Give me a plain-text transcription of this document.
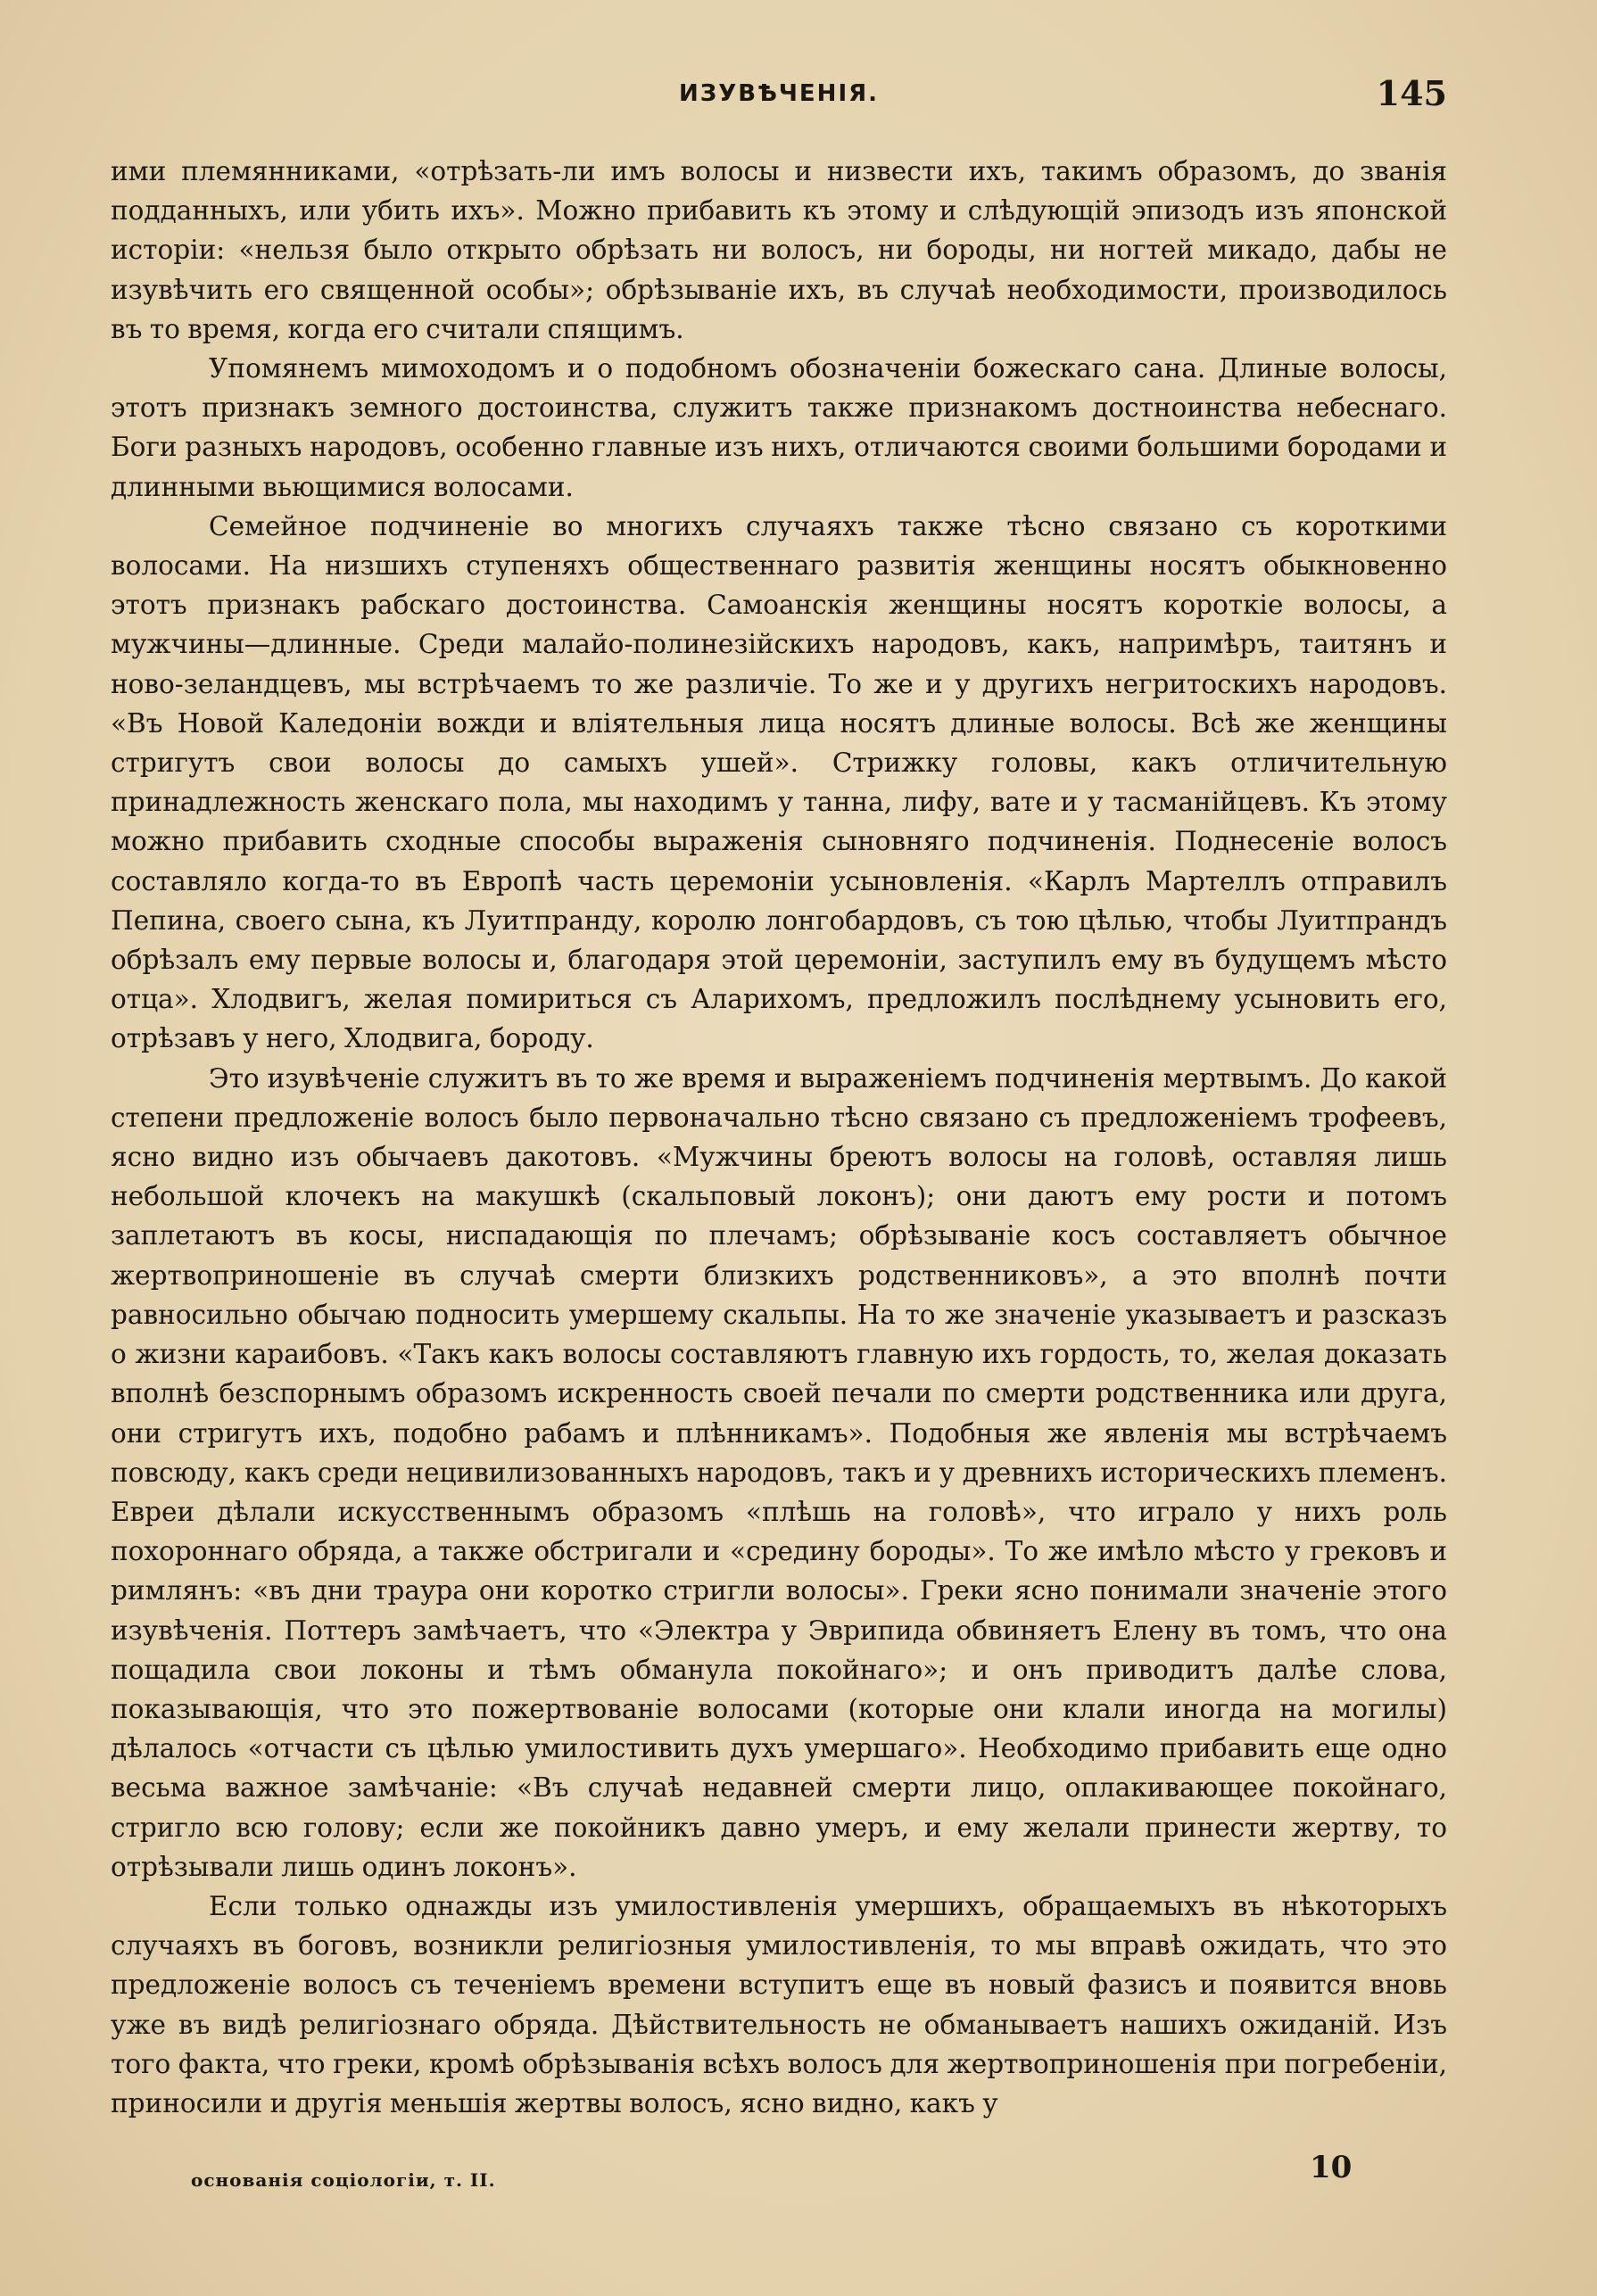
ИЗУВѢЧЕНІЯ.	145

ими племянниками, «отрѣзать-ли имъ волосы и низвести ихъ, такимъ образомъ, до званія подданныхъ, или убить ихъ». Можно прибавить къ этому и слѣдующій эпизодъ изъ японской исторіи: «нельзя было открыто обрѣзать ни волосъ, ни бороды, ни ногтей микадо, дабы не изувѣчить его священной особы»; обрѣзываніе ихъ, въ случаѣ необходимости, производилось въ то время, когда его считали спящимъ.

Упомянемъ мимоходомъ и о подобномъ обозначеніи божескаго сана. Длиные волосы, этотъ признакъ земного достоинства, служитъ также признакомъ достноинства небеснаго. Боги разныхъ народовъ, особенно главные изъ нихъ, отличаются своими большими бородами и длинными вьющимися волосами.

Семейное подчиненіе во многихъ случаяхъ также тѣсно связано съ короткими волосами. На низшихъ ступеняхъ общественнаго развитія женщины носятъ обыкновенно этотъ признакъ рабскаго достоинства. Самоанскія женщины носятъ короткіе волосы, а мужчины—длинные. Среди малайо-полинезійскихъ народовъ, какъ, напримѣръ, таитянъ и ново-зеландцевъ, мы встрѣчаемъ то же различіе. То же и у другихъ негритоскихъ народовъ. «Въ Новой Каледоніи вожди и вліятельныя лица носятъ длиные волосы. Всѣ же женщины стригутъ свои волосы до самыхъ ушей». Стрижку головы, какъ отличительную принадлежность женскаго пола, мы находимъ у танна, лифу, вате и у тасманійцевъ. Къ этому можно прибавить сходные способы выраженія сыновняго подчиненія. Поднесеніе волосъ составляло когда-то въ Европѣ часть церемоніи усыновленія. «Карлъ Мартеллъ отправилъ Пепина, своего сына, къ Луитпранду, королю лонгобардовъ, съ тою цѣлью, чтобы Луитпрандъ обрѣзалъ ему первые волосы и, благодаря этой церемоніи, заступилъ ему въ будущемъ мѣсто отца». Хлодвигъ, желая помириться съ Аларихомъ, предложилъ послѣднему усыновить его, отрѣзавъ у него, Хлодвига, бороду.

Это изувѣченіе служитъ въ то же время и выраженіемъ подчиненія мертвымъ. До какой степени предложеніе волосъ было первоначально тѣсно связано съ предложеніемъ трофеевъ, ясно видно изъ обычаевъ дакотовъ. «Мужчины бреютъ волосы на головѣ, оставляя лишь небольшой клочекъ на макушкѣ (скальповый локонъ); они даютъ ему рости и потомъ заплетаютъ въ косы, ниспадающія по плечамъ; обрѣзываніе косъ составляетъ обычное жертвоприношеніе въ случаѣ смерти близкихъ родственниковъ», а это вполнѣ почти равносильно обычаю подносить умершему скальпы. На то же значеніе указываетъ и разсказъ о жизни караибовъ. «Такъ какъ волосы составляютъ главную ихъ гордость, то, желая доказать вполнѣ безспорнымъ образомъ искренность своей печали по смерти родственника или друга, они стригутъ ихъ, подобно рабамъ и плѣнникамъ». Подобныя же явленія мы встрѣчаемъ повсюду, какъ среди нецивилизованныхъ народовъ, такъ и у древнихъ историческихъ племенъ. Евреи дѣлали искусственнымъ образомъ «плѣшь на головѣ», что играло у нихъ роль похороннаго обряда, а также обстригали и «средину бороды». То же имѣло мѣсто у грековъ и римлянъ: «въ дни траура они коротко стригли волосы». Греки ясно понимали значеніе этого изувѣченія. Поттеръ замѣчаетъ, что «Электра у Эврипида обвиняетъ Елену въ томъ, что она пощадила свои локоны и тѣмъ обманула покойнаго»; и онъ приводитъ далѣе слова, показывающія, что это пожертвованіе волосами (которые они клали иногда на могилы) дѣлалось «отчасти съ цѣлью умилостивить духъ умершаго». Необходимо прибавить еще одно весьма важное замѣчаніе: «Въ случаѣ недавней смерти лицо, оплакивающее покойнаго, стригло всю голову; если же покойникъ давно умеръ, и ему желали принести жертву, то отрѣзывали лишь одинъ локонъ».

Если только однажды изъ умилостивленія умершихъ, обращаемыхъ въ нѣкоторыхъ случаяхъ въ боговъ, возникли религіозныя умилостивленія, то мы вправѣ ожидать, что это предложеніе волосъ съ теченіемъ времени вступитъ еще въ новый фазисъ и появится вновь уже въ видѣ религіознаго обряда. Дѣйствительность не обманываетъ нашихъ ожиданій. Изъ того факта, что греки, кромѣ обрѣзыванія всѣхъ волосъ для жертвоприношенія при погребеніи, приносили и другія меньшія жертвы волосъ, ясно видно, какъ у

основанія соціологіи, т. II.	10
